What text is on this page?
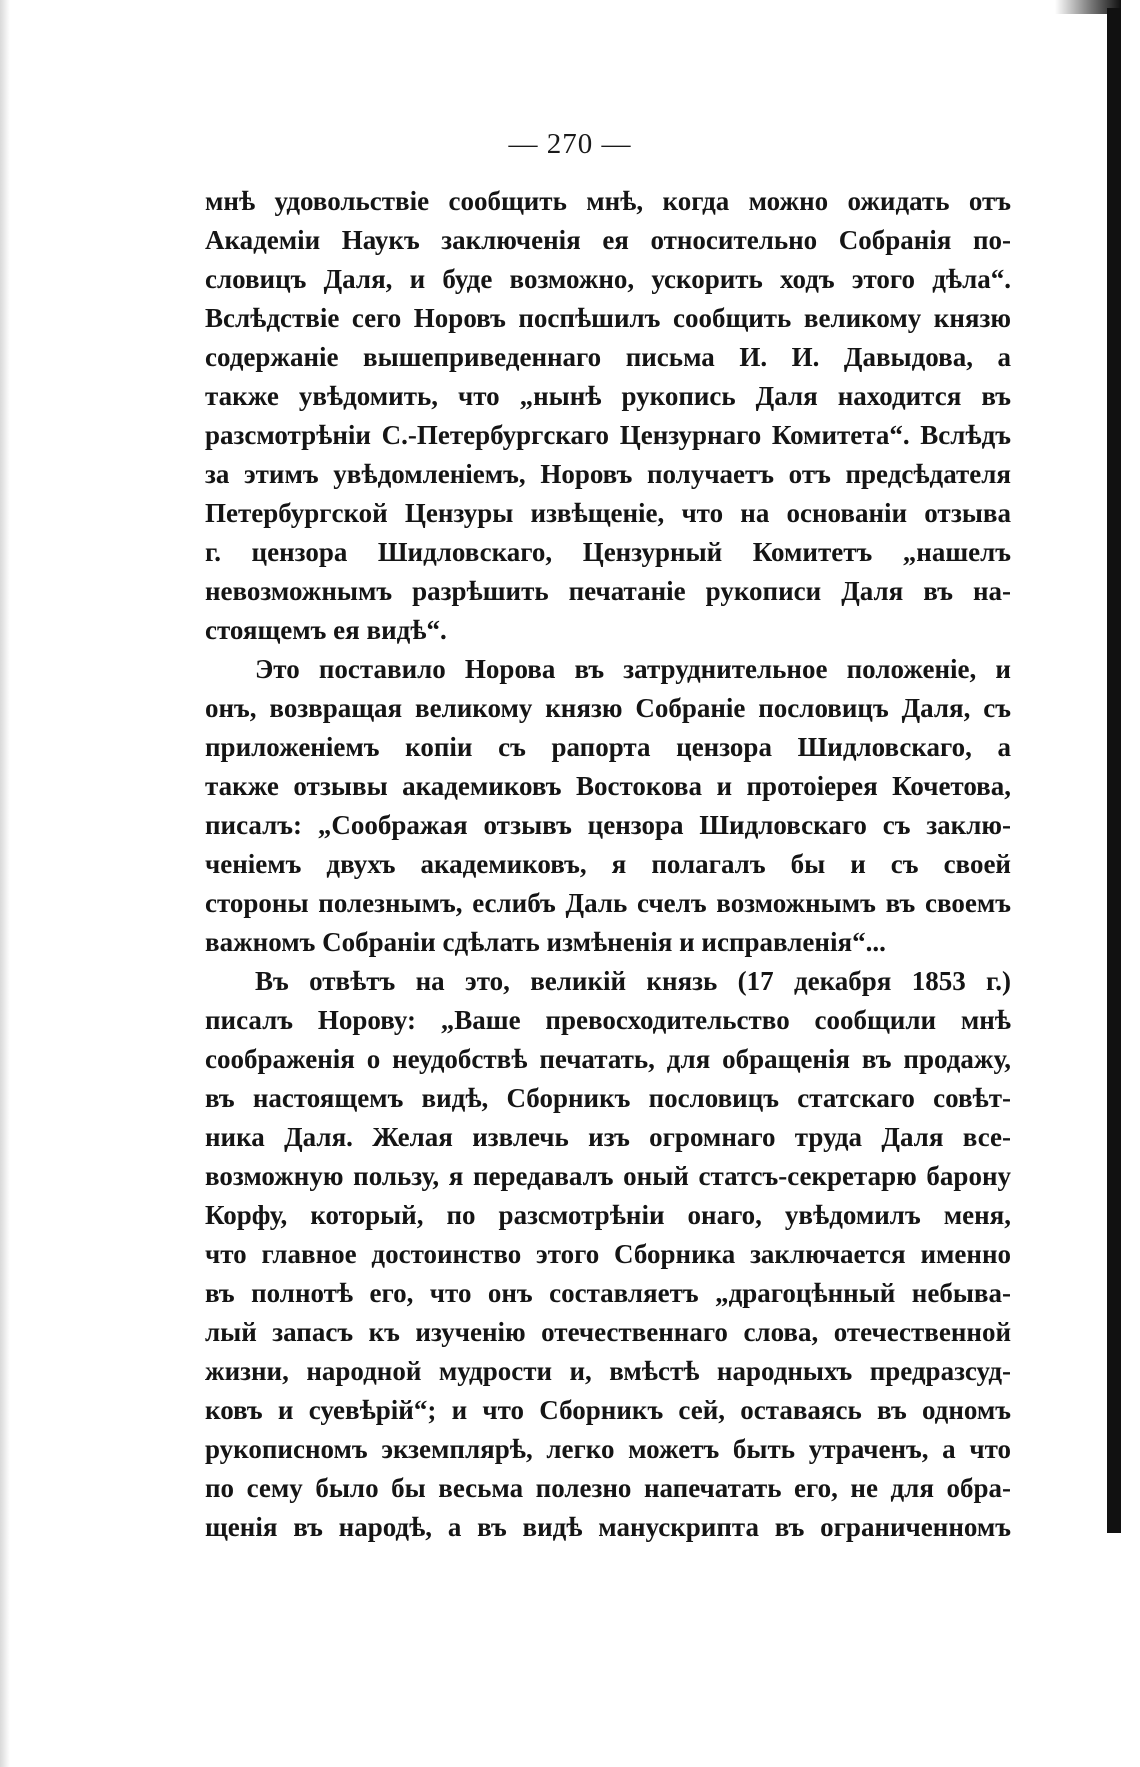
— 270 —
мнѣ удовольствіе сообщить мнѣ, когда можно ожидать отъ
Академіи Наукъ заключенія ея относительно Собранія по-
словицъ Даля, и буде возможно, ускорить ходъ этого дѣла“.
Вслѣдствіе сего Норовъ поспѣшилъ сообщить великому князю
содержаніе вышеприведеннаго письма И. И. Давыдова, а
также увѣдомить, что „нынѣ рукопись Даля находится въ
разсмотрѣніи С.-Петербургскаго Цензурнаго Комитета“. Вслѣдъ
за этимъ увѣдомленіемъ, Норовъ получаетъ отъ предсѣдателя
Петербургской Цензуры извѣщеніе, что на основаніи отзыва
г. цензора Шидловскаго, Цензурный Комитетъ „нашелъ
невозможнымъ разрѣшить печатаніе рукописи Даля въ на-
стоящемъ ея видѣ“.
Это поставило Норова въ затруднительное положеніе, и
онъ, возвращая великому князю Собраніе пословицъ Даля, съ
приложеніемъ копіи съ рапорта цензора Шидловскаго, а
также отзывы академиковъ Востокова и протоіерея Кочетова,
писалъ: „Соображая отзывъ цензора Шидловскаго съ заклю-
ченіемъ двухъ академиковъ, я полагалъ бы и съ своей
стороны полезнымъ, еслибъ Даль счелъ возможнымъ въ своемъ
важномъ Собраніи сдѣлать измѣненія и исправленія“...
Въ отвѣтъ на это, великій князь (17 декабря 1853 г.)
писалъ Норову: „Ваше превосходительство сообщили мнѣ
соображенія о неудобствѣ печатать, для обращенія въ продажу,
въ настоящемъ видѣ, Сборникъ пословицъ статскаго совѣт-
ника Даля. Желая извлечь изъ огромнаго труда Даля все-
возможную пользу, я передавалъ оный статсъ-секретарю барону
Корфу, который, по разсмотрѣніи онаго, увѣдомилъ меня,
что главное достоинство этого Сборника заключается именно
въ полнотѣ его, что онъ составляетъ „драгоцѣнный небыва-
лый запасъ къ изученію отечественнаго слова, отечественной
жизни, народной мудрости и, вмѣстѣ народныхъ предразсуд-
ковъ и суевѣрій“; и что Сборникъ сей, оставаясь въ одномъ
рукописномъ экземплярѣ, легко можетъ быть утраченъ, а что
по сему было бы весьма полезно напечатать его, не для обра-
щенія въ народѣ, а въ видѣ манускрипта въ ограниченномъ
